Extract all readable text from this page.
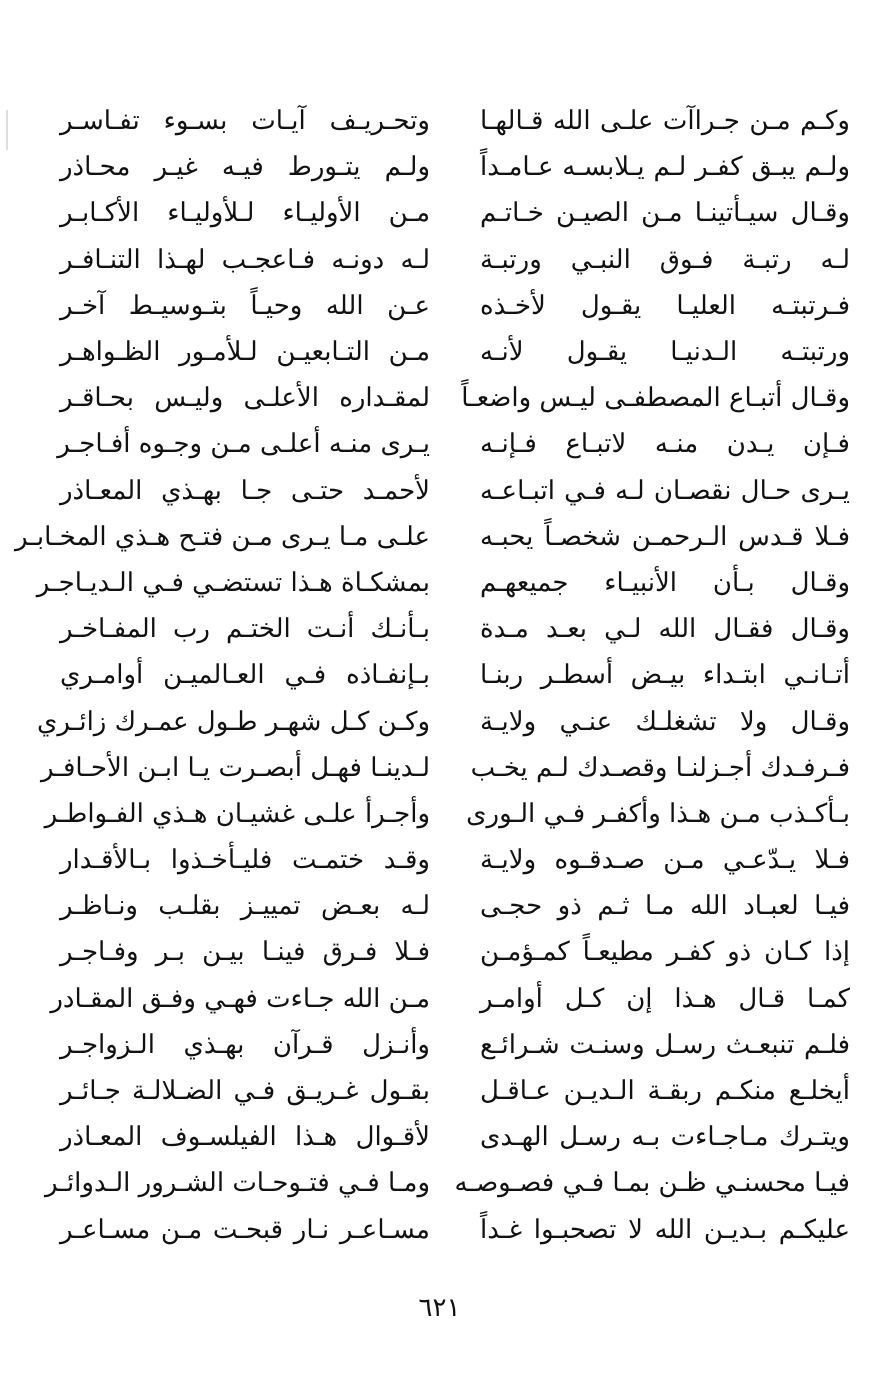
وكـم مـن جـراآت علـى الله قـالهـا
وتحـريـف آيـات بسـوء تفـاسـر
ولـم يبـق كفـر لـم يـلابسـه عـامـداً
ولـم يتـورط فيـه غيـر محـاذر
وقـال سيـأتينـا مـن الصيـن خـاتـم
مـن الأوليـاء لـلأوليـاء الأكـابـر
لـه رتبـة فـوق النبـي ورتبـة
لـه دونـه فـاعجـب لهـذا التنـافـر
فـرتبتـه العليـا يقـول لأخـذه
عـن الله وحيـاً بتـوسيـط آخـر
ورتبتـه الـدنيـا يقـول لأنـه
مـن التـابعيـن لـلأمـور الظـواهـر
وقـال أتبـاع المصطفـى ليـس واضعـاً
لمقـداره الأعلـى وليـس بحـاقـر
فـإن يـدن منـه لاتبـاع فـإنـه
يـرى منـه أعلـى مـن وجـوه أفـاجـر
يـرى حـال نقصـان لـه فـي اتبـاعـه
لأحمـد حتـى جـا بهـذي المعـاذر
فـلا قـدس الـرحمـن شخصـاً يحبـه
علـى مـا يـرى مـن فتـح هـذي المخـابـر
وقـال بـأن الأنبيـاء جميعهـم
بمشكـاة هـذا تستضـي فـي الـديـاجـر
وقـال فقـال الله لـي بعـد مـدة
بـأنـك أنـت الختـم رب المفـاخـر
أتـانـي ابتـداء بيـض أسطـر ربنـا
بـإنفـاذه فـي العـالميـن أوامـري
وقـال ولا تشغلـك عنـي ولايـة
وكـن كـل شهـر طـول عمـرك زائـري
فـرفـدك أجـزلنـا وقصـدك لـم يخـب
لـدينـا فهـل أبصـرت يـا ابـن الأحـافـر
بـأكـذب مـن هـذا وأكفـر فـي الـورى
وأجـرأ علـى غشيـان هـذي الفـواطـر
فـلا يـدّعـي مـن صـدقـوه ولايـة
وقـد ختمـت فليـأخـذوا بـالأقـدار
فيـا لعبـاد الله مـا ثـم ذو حجـى
لـه بعـض تمييـز بقلـب ونـاظـر
إذا كـان ذو كفـر مطيعـاً كمـؤمـن
فـلا فـرق فينـا بيـن بـر وفـاجـر
كمـا قـال هـذا إن كـل أوامـر
مـن الله جـاءت فهـي وفـق المقـادر
فلـم تنبعـث رسـل وسنـت شـرائـع
وأنـزل قـرآن بهـذي الـزواجـر
أيخلـع منكـم ربقـة الـديـن عـاقـل
بقـول غـريـق فـي الضـلالـة جـائـر
ويتـرك مـاجـاءت بـه رسـل الهـدى
لأقـوال هـذا الفيلسـوف المعـاذر
فيـا محسنـي ظـن بمـا فـي فصـوصـه
ومـا فـي فتـوحـات الشـرور الـدوائـر
عليكـم بـديـن الله لا تصحبـوا غـداً
مسـاعـر نـار قبحـت مـن مسـاعـر
٦٢١
